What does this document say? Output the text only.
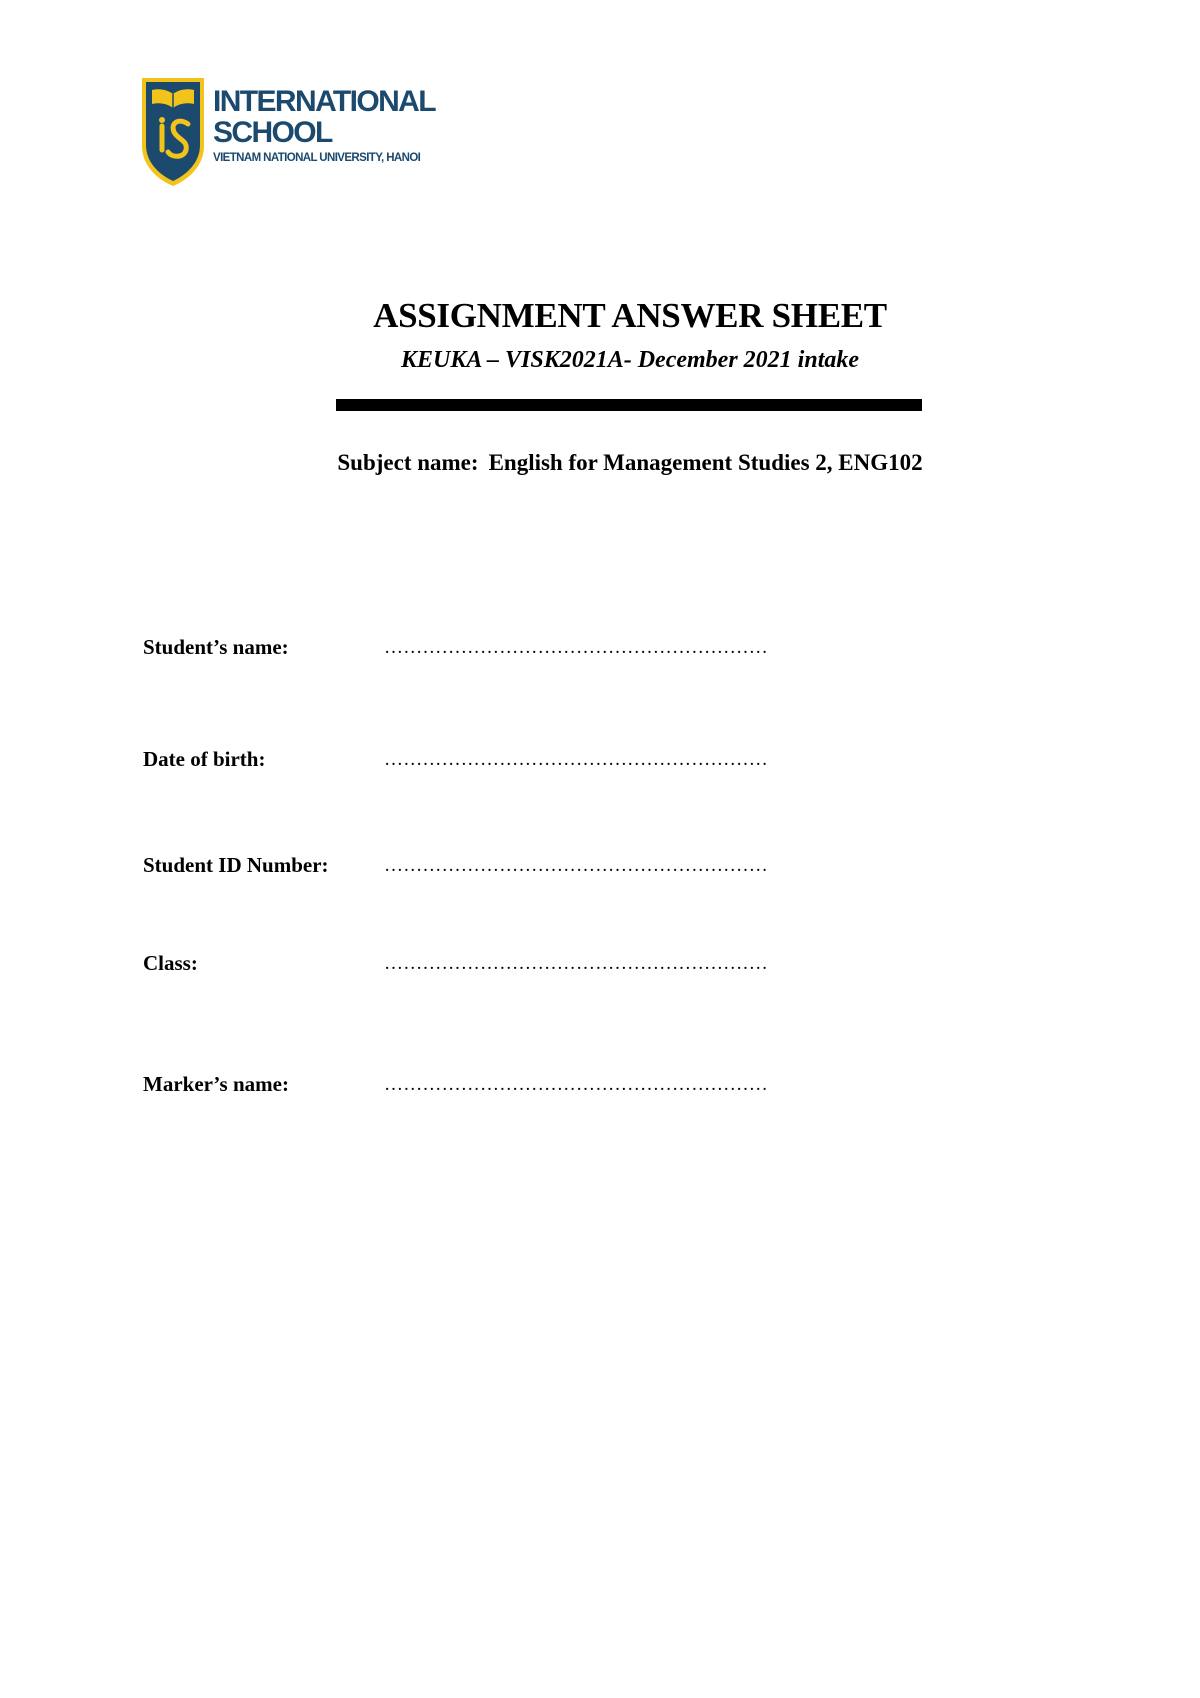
INTERNATIONAL
SCHOOL
VIETNAM NATIONAL UNIVERSITY, HANOI
ASSIGNMENT ANSWER SHEET
KEUKA – VISK2021A- December 2021 intake
Subject name: English for Management Studies 2, ENG102
Student’s name:	……………………………………………………
Date of birth:	……………………………………………………
Student ID Number:	……………………………………………………
Class:	……………………………………………………
Marker’s name:	……………………………………………………
